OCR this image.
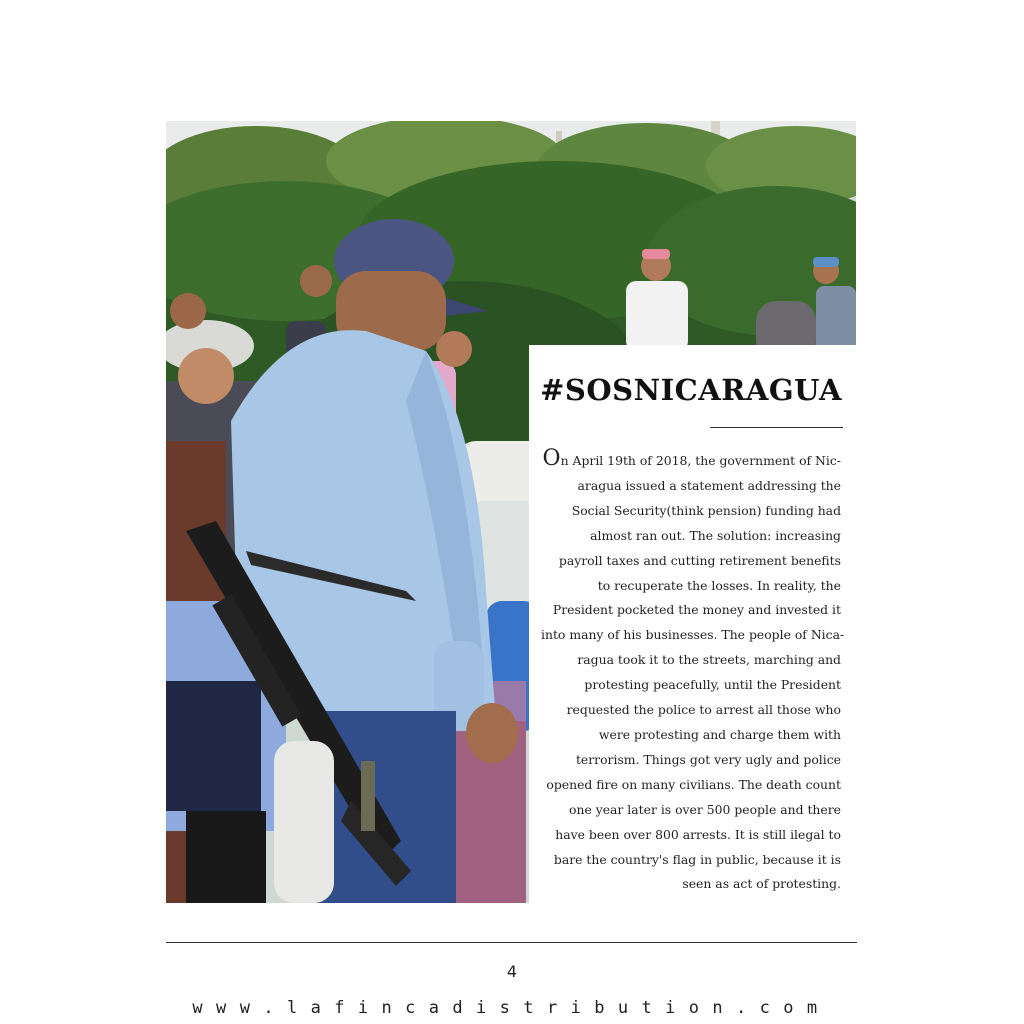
#SOSNICARAGUA
On April 19th of 2018, the government of Nic-
aragua issued a statement addressing the
Social Security(think pension) funding had
almost ran out. The solution: increasing
payroll taxes and cutting retirement benefits
to recuperate the losses. In reality, the
President pocketed the money and invested it
into many of his businesses. The people of Nica-
ragua took it to the streets, marching and
protesting peacefully, until the President
requested the police to arrest all those who
were protesting and charge them with
terrorism. Things got very ugly and police
opened fire on many civilians. The death count
one year later is over 500 people and there
have been over 800 arrests. It is still ilegal to
bare the country's flag in public, because it is
seen as act of protesting.
4
www.lafincadistribution.com
